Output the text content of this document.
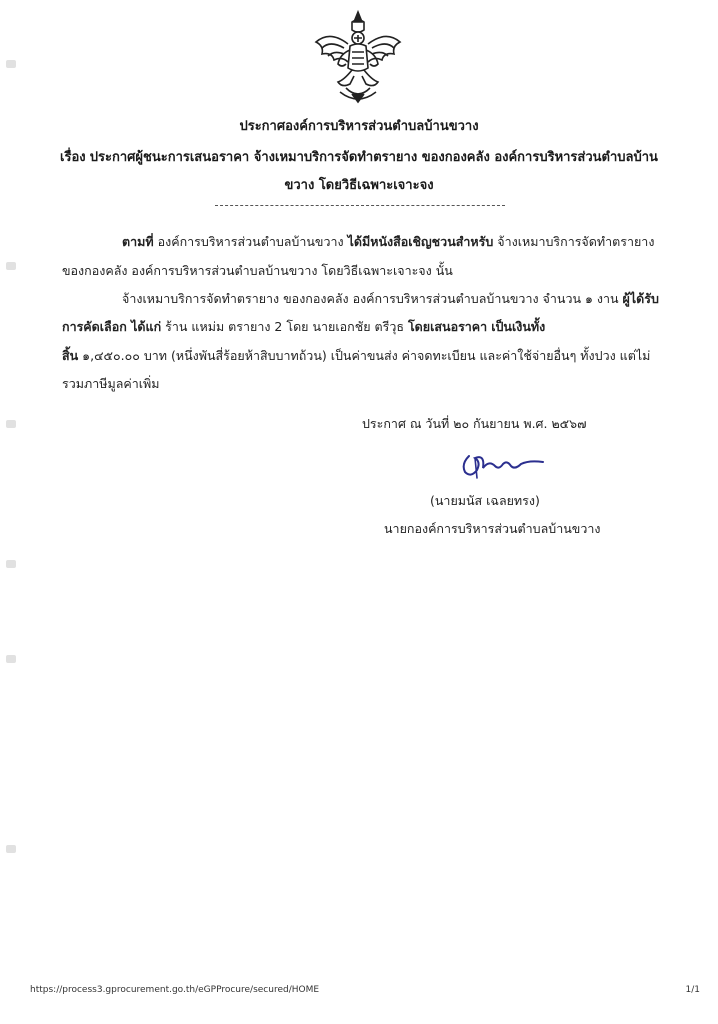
ประกาศองค์การบริหารส่วนตำบลบ้านขวาง
เรื่อง ประกาศผู้ชนะการเสนอราคา จ้างเหมาบริการจัดทำตรายาง ของกองคลัง องค์การบริหารส่วนตำบลบ้าน
ขวาง โดยวิธีเฉพาะเจาะจง
ตามที่ องค์การบริหารส่วนตำบลบ้านขวาง ได้มีหนังสือเชิญชวนสำหรับ จ้างเหมาบริการจัดทำตรายาง
ของกองคลัง องค์การบริหารส่วนตำบลบ้านขวาง โดยวิธีเฉพาะเจาะจง นั้น
จ้างเหมาบริการจัดทำตรายาง ของกองคลัง องค์การบริหารส่วนตำบลบ้านขวาง จำนวน ๑ งาน ผู้ได้รับ
การคัดเลือก ได้แก่ ร้าน แหม่ม ตรายาง 2 โดย นายเอกชัย ตรีวุธ โดยเสนอราคา เป็นเงินทั้ง
สิ้น ๑,๔๕๐.๐๐ บาท (หนึ่งพันสี่ร้อยห้าสิบบาทถ้วน) เป็นค่าขนส่ง ค่าจดทะเบียน และค่าใช้จ่ายอื่นๆ ทั้งปวง แต่ไม่
รวมภาษีมูลค่าเพิ่ม
ประกาศ ณ วันที่ ๒๐ กันยายน พ.ศ. ๒๕๖๗
(นายมนัส เฉลยทรง)
นายกองค์การบริหารส่วนตำบลบ้านขวาง
https://process3.gprocurement.go.th/eGPProcure/secured/HOME	1/1
